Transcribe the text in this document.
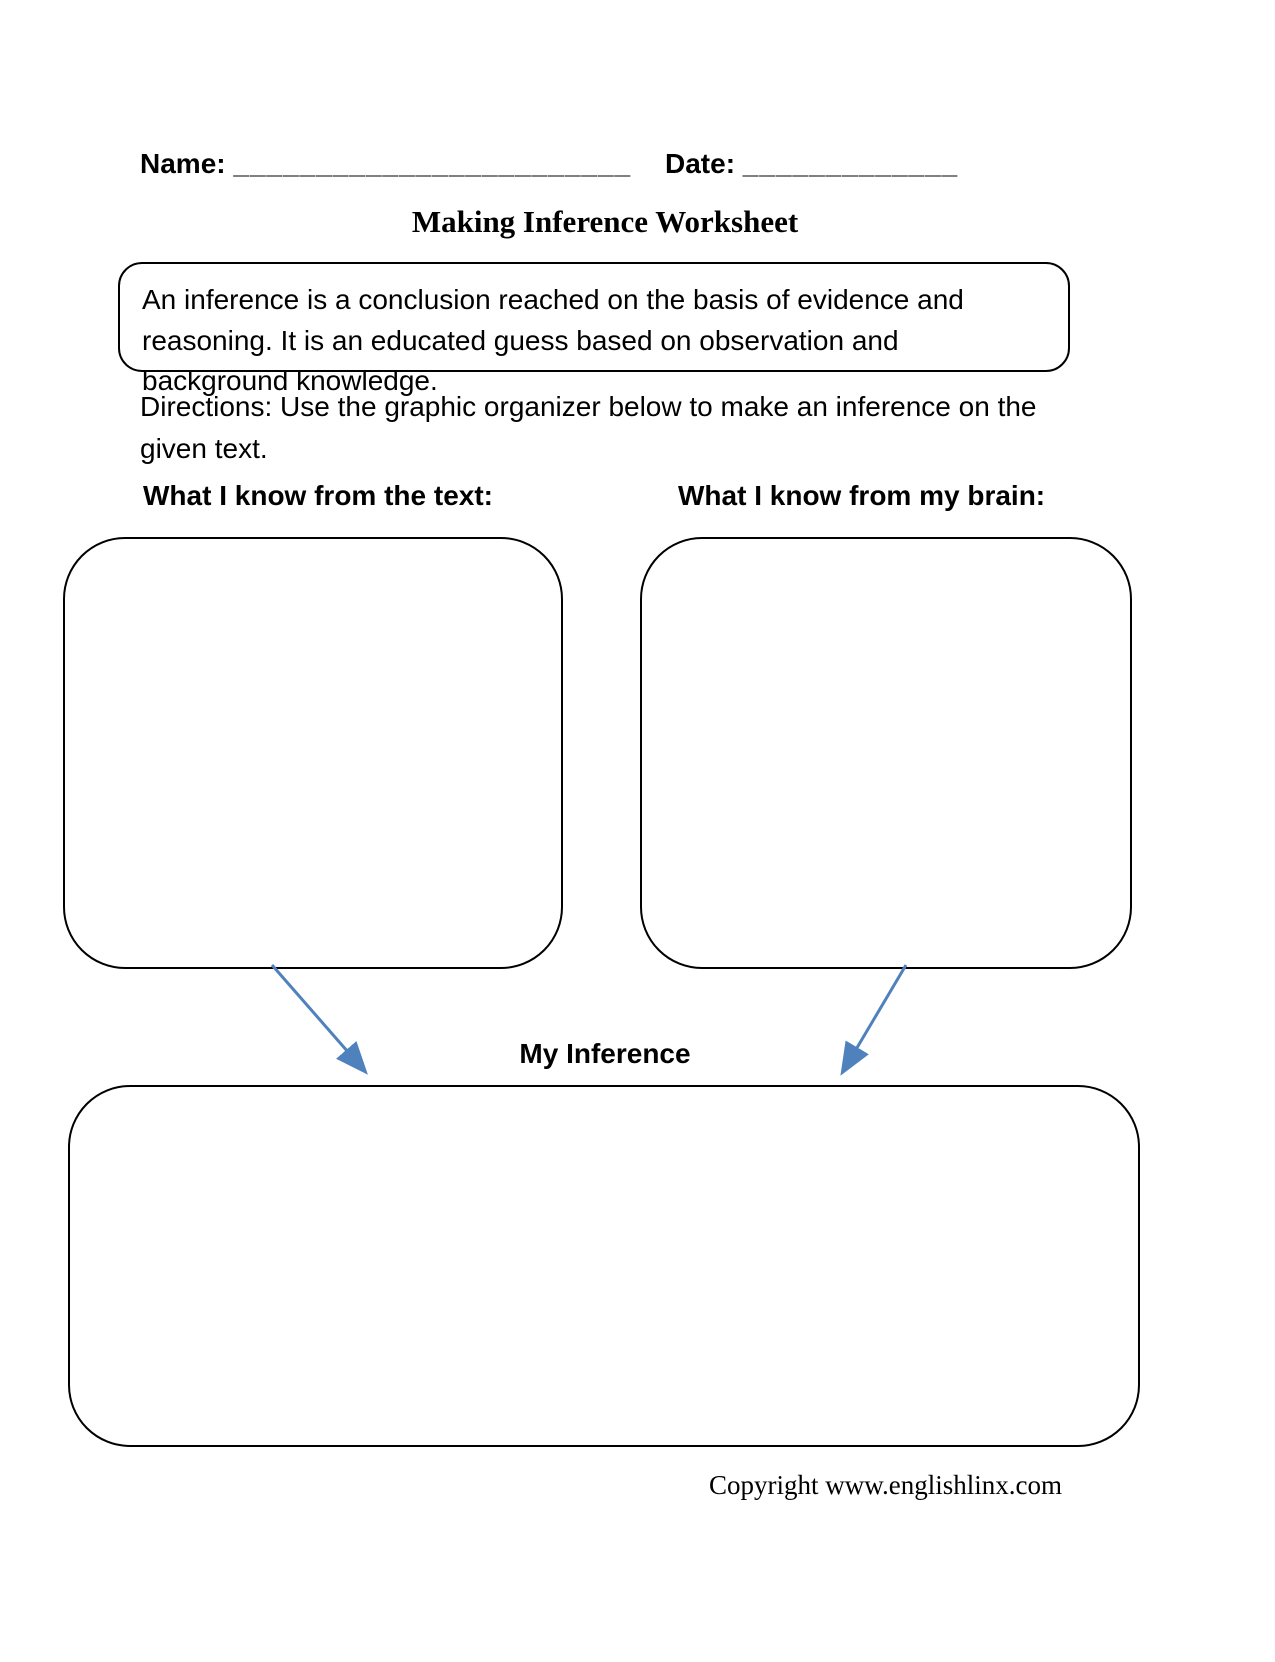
Name: ________________________ Date: _____________
Making Inference Worksheet
An inference is a conclusion reached on the basis of evidence and reasoning. It is an educated guess based on observation and background knowledge.
Directions: Use the graphic organizer below to make an inference on the given text.
What I know from the text:	What I know from my brain:
My Inference
Copyright www.englishlinx.com
